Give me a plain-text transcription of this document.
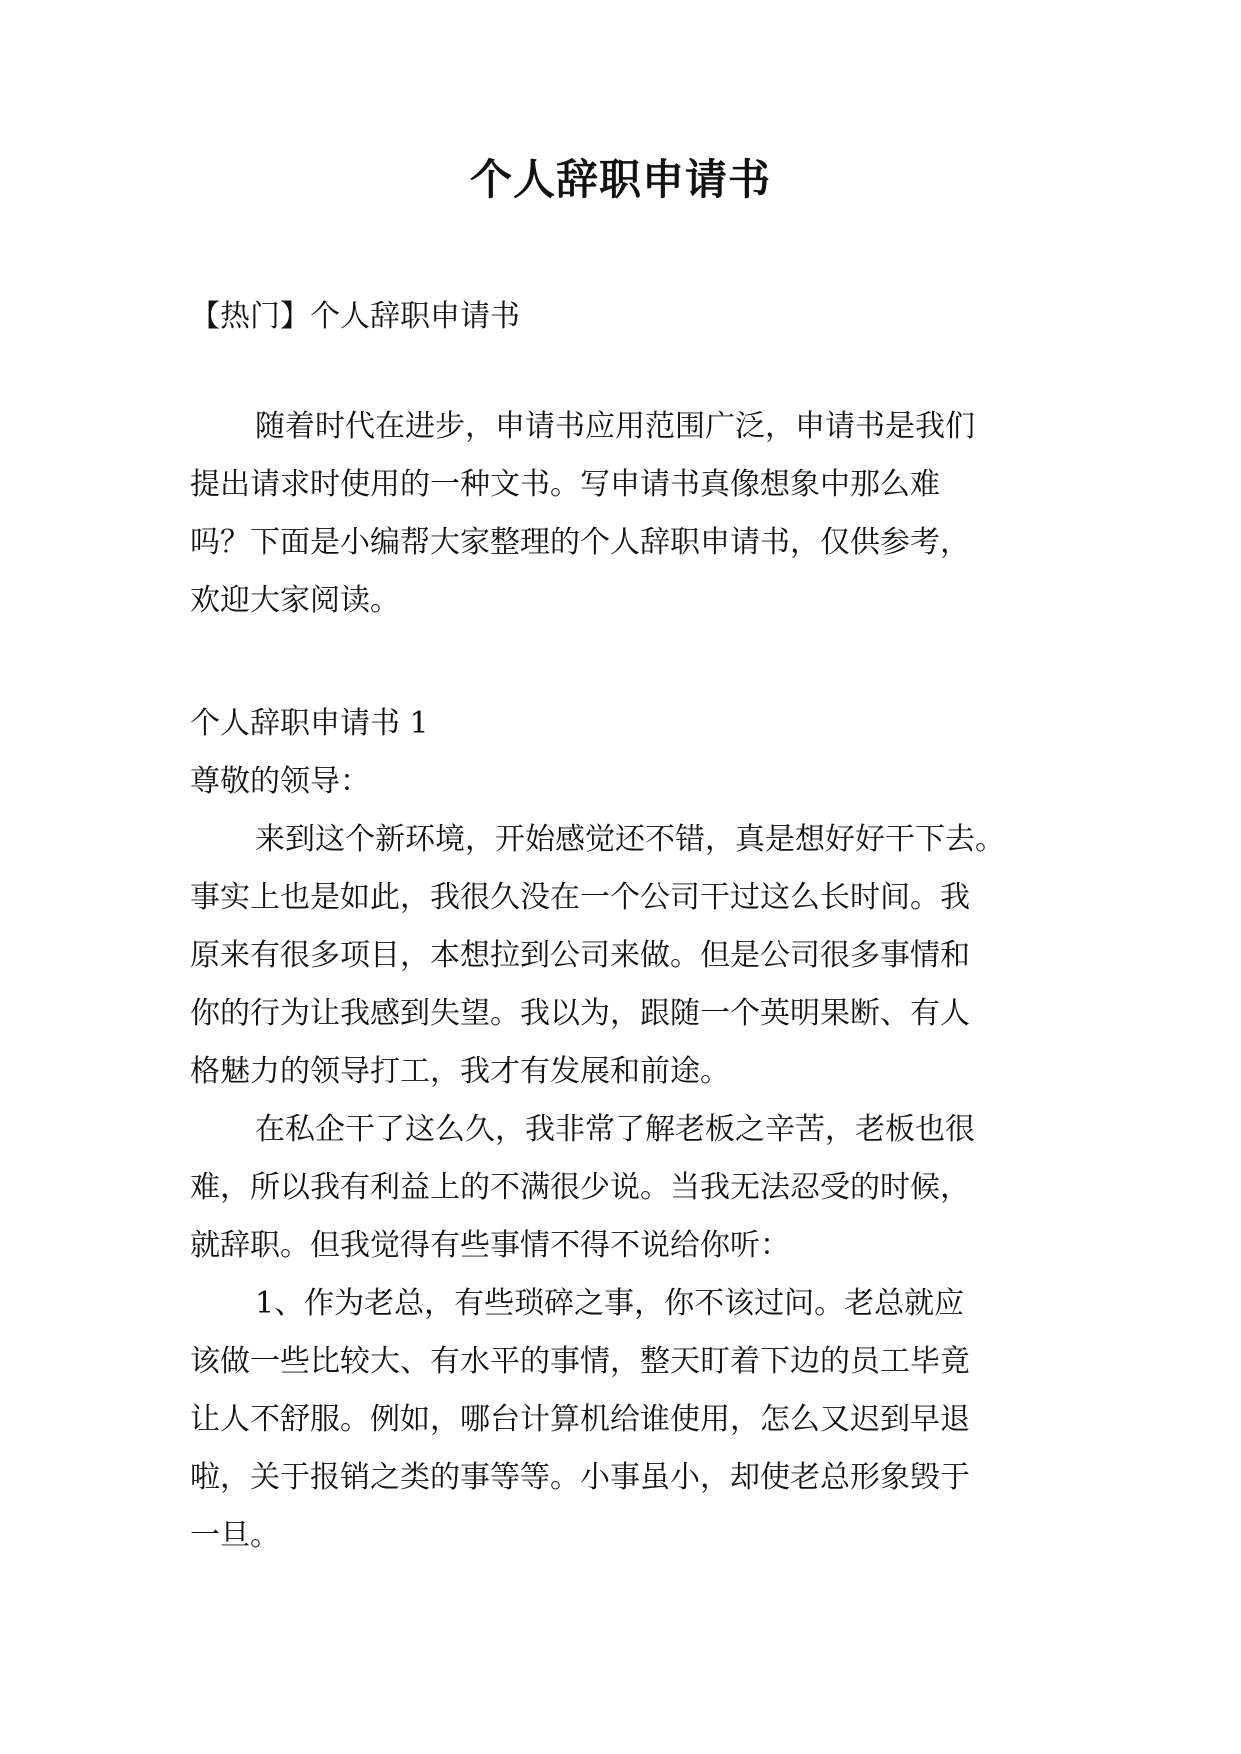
个人辞职申请书
【热门】个人辞职申请书
随着时代在进步，申请书应用范围广泛，申请书是我们
提出请求时使用的一种文书。写申请书真像想象中那么难
吗？下面是小编帮大家整理的个人辞职申请书，仅供参考，
欢迎大家阅读。
个人辞职申请书 1
尊敬的领导：
来到这个新环境，开始感觉还不错，真是想好好干下去。
事实上也是如此，我很久没在一个公司干过这么长时间。我
原来有很多项目，本想拉到公司来做。但是公司很多事情和
你的行为让我感到失望。我以为，跟随一个英明果断、有人
格魅力的领导打工，我才有发展和前途。
在私企干了这么久，我非常了解老板之辛苦，老板也很
难，所以我有利益上的不满很少说。当我无法忍受的时候，
就辞职。但我觉得有些事情不得不说给你听：
1、作为老总，有些琐碎之事，你不该过问。老总就应
该做一些比较大、有水平的事情，整天盯着下边的员工毕竟
让人不舒服。例如，哪台计算机给谁使用，怎么又迟到早退
啦，关于报销之类的事等等。小事虽小，却使老总形象毁于
一旦。
